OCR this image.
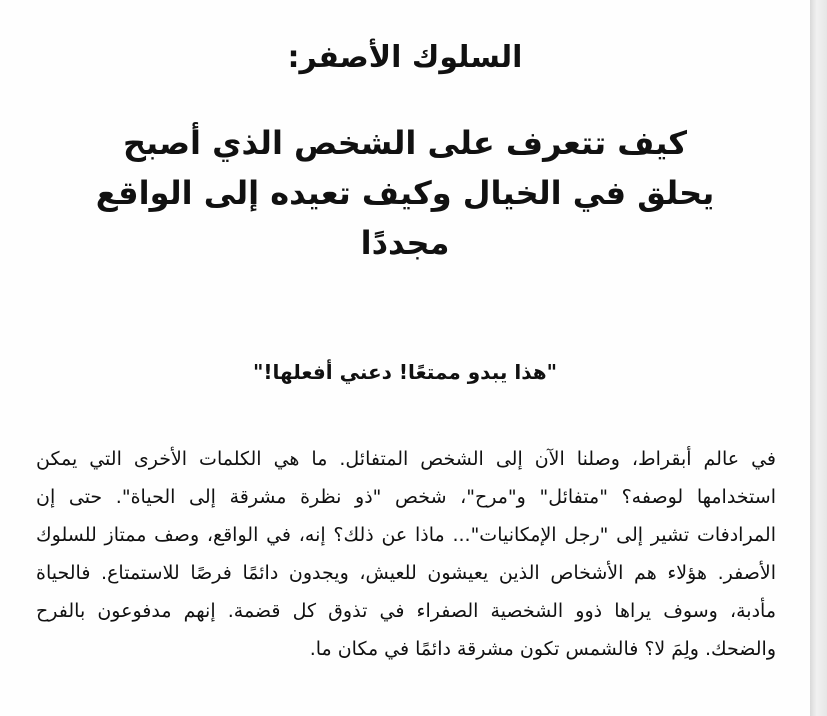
السلوك الأصفر:
كيف تتعرف على الشخص الذي أصبح يحلق في الخيال وكيف تعيده إلى الواقع مجددًا

"هذا يبدو ممتعًا! دعني أفعلها!"

في عالم أبقراط، وصلنا الآن إلى الشخص المتفائل. ما هي الكلمات الأخرى التي يمكن استخدامها لوصفه؟ "متفائل" و"مرح"، شخص "ذو نظرة مشرقة إلى الحياة". حتى إن المرادفات تشير إلى "رجل الإمكانيات"... ماذا عن ذلك؟ إنه، في الواقع، وصف ممتاز للسلوك الأصفر. هؤلاء هم الأشخاص الذين يعيشون للعيش، ويجدون دائمًا فرصًا للاستمتاع. فالحياة مأدبة، وسوف يراها ذوو الشخصية الصفراء في تذوق كل قضمة. إنهم مدفوعون بالفرح والضحك. ولِمَ لا؟ فالشمس تكون مشرقة دائمًا في مكان ما.
